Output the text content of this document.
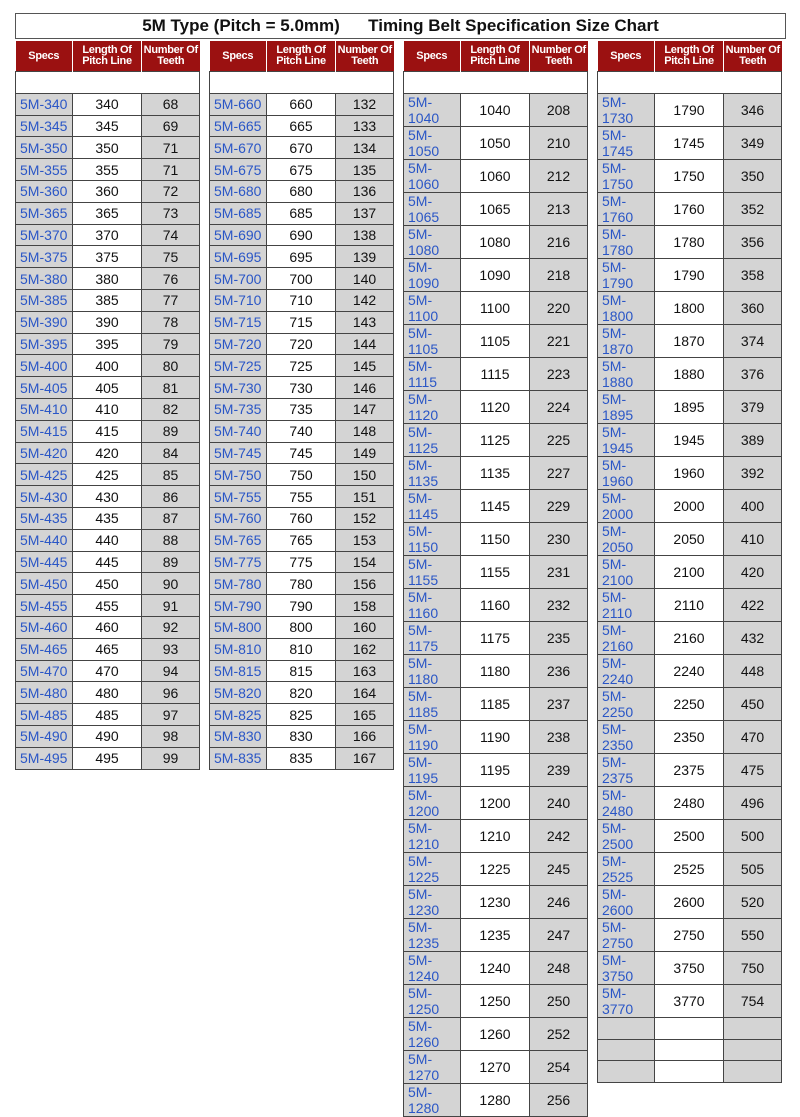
5M Type (Pitch = 5.0mm)      Timing Belt Specification Size Chart
Specs	Length Of Pitch Line	Number Of Teeth

5M-340	340	68
5M-345	345	69
5M-350	350	71
5M-355	355	71
5M-360	360	72
5M-365	365	73
5M-370	370	74
5M-375	375	75
5M-380	380	76
5M-385	385	77
5M-390	390	78
5M-395	395	79
5M-400	400	80
5M-405	405	81
5M-410	410	82
5M-415	415	89
5M-420	420	84
5M-425	425	85
5M-430	430	86
5M-435	435	87
5M-440	440	88
5M-445	445	89
5M-450	450	90
5M-455	455	91
5M-460	460	92
5M-465	465	93
5M-470	470	94
5M-480	480	96
5M-485	485	97
5M-490	490	98
5M-495	495	99
Specs	Length Of Pitch Line	Number Of Teeth

5M-660	660	132
5M-665	665	133
5M-670	670	134
5M-675	675	135
5M-680	680	136
5M-685	685	137
5M-690	690	138
5M-695	695	139
5M-700	700	140
5M-710	710	142
5M-715	715	143
5M-720	720	144
5M-725	725	145
5M-730	730	146
5M-735	735	147
5M-740	740	148
5M-745	745	149
5M-750	750	150
5M-755	755	151
5M-760	760	152
5M-765	765	153
5M-775	775	154
5M-780	780	156
5M-790	790	158
5M-800	800	160
5M-810	810	162
5M-815	815	163
5M-820	820	164
5M-825	825	165
5M-830	830	166
5M-835	835	167
Specs	Length Of Pitch Line	Number Of Teeth

5M-1040	1040	208
5M-1050	1050	210
5M-1060	1060	212
5M-1065	1065	213
5M-1080	1080	216
5M-1090	1090	218
5M-1100	1100	220
5M-1105	1105	221
5M-1115	1115	223
5M-1120	1120	224
5M-1125	1125	225
5M-1135	1135	227
5M-1145	1145	229
5M-1150	1150	230
5M-1155	1155	231
5M-1160	1160	232
5M-1175	1175	235
5M-1180	1180	236
5M-1185	1185	237
5M-1190	1190	238
5M-1195	1195	239
5M-1200	1200	240
5M-1210	1210	242
5M-1225	1225	245
5M-1230	1230	246
5M-1235	1235	247
5M-1240	1240	248
5M-1250	1250	250
5M-1260	1260	252
5M-1270	1270	254
5M-1280	1280	256
Specs	Length Of Pitch Line	Number Of Teeth

5M-1730	1790	346
5M-1745	1745	349
5M-1750	1750	350
5M-1760	1760	352
5M-1780	1780	356
5M-1790	1790	358
5M-1800	1800	360
5M-1870	1870	374
5M-1880	1880	376
5M-1895	1895	379
5M-1945	1945	389
5M-1960	1960	392
5M-2000	2000	400
5M-2050	2050	410
5M-2100	2100	420
5M-2110	2110	422
5M-2160	2160	432
5M-2240	2240	448
5M-2250	2250	450
5M-2350	2350	470
5M-2375	2375	475
5M-2480	2480	496
5M-2500	2500	500
5M-2525	2525	505
5M-2600	2600	520
5M-2750	2750	550
5M-3750	3750	750
5M-3770	3770	754
